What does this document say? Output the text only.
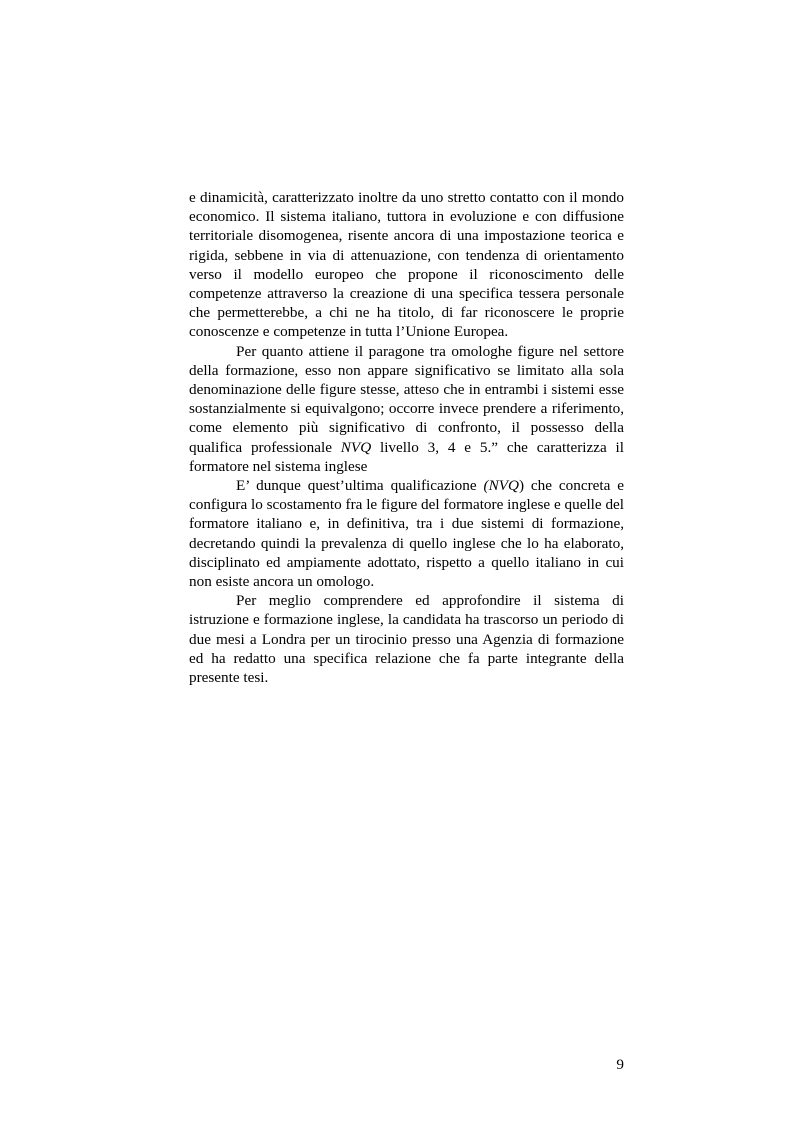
e dinamicità, caratterizzato inoltre da uno stretto contatto con il mondo economico. Il sistema italiano, tuttora in evoluzione e con diffusione territoriale disomogenea, risente ancora di una impostazione teorica e rigida, sebbene in via di attenuazione, con tendenza di orientamento verso il modello europeo che propone il riconoscimento delle competenze attraverso la creazione di una specifica tessera personale che permetterebbe, a chi ne ha titolo, di far riconoscere le proprie conoscenze e competenze in tutta l’Unione Europea.

Per quanto attiene il paragone tra omologhe figure nel settore della formazione, esso non appare significativo se limitato alla sola denominazione delle figure stesse, atteso che in entrambi i sistemi esse sostanzialmente si equivalgono; occorre invece prendere a riferimento, come elemento più significativo di confronto, il possesso della qualifica professionale NVQ livello 3, 4 e 5.” che caratterizza il formatore nel sistema inglese

E’ dunque quest’ultima qualificazione (NVQ) che concreta e configura lo scostamento fra le figure del formatore inglese e quelle del formatore italiano e, in definitiva, tra i due sistemi di formazione, decretando quindi la prevalenza di quello inglese che lo ha elaborato, disciplinato ed ampiamente adottato, rispetto a quello italiano in cui non esiste ancora un omologo.

Per meglio comprendere ed approfondire il sistema di istruzione e formazione inglese, la candidata ha trascorso un periodo di due mesi a Londra per un tirocinio presso una Agenzia di formazione ed ha redatto una specifica relazione che fa parte integrante della presente tesi.

9
